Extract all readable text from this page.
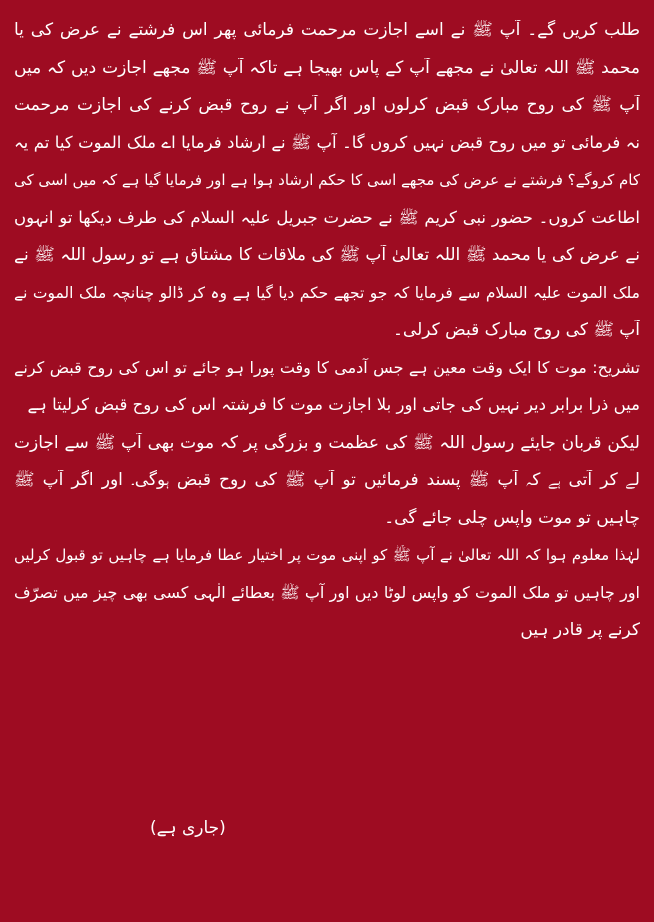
طلب کریں گے۔ آپ ﷺ نے اسے اجازت مرحمت فرمائی پھر اس فرشتے نے عرض کی یا
محمد ﷺ اللہ تعالیٰ نے مجھے آپ کے پاس بھیجا ہے تاکہ آپ ﷺ مجھے اجازت دیں کہ میں
آپ ﷺ کی روح مبارک قبض کرلوں اور اگر آپ نے روح قبض کرنے کی اجازت مرحمت
نہ فرمائی تو میں روح قبض نہیں کروں گا۔ آپ ﷺ نے ارشاد فرمایا اے ملک الموت کیا تم یہ
کام کروگے؟ فرشتے نے عرض کی مجھے اسی کا حکم ارشاد ہوا ہے اور فرمایا گیا ہے کہ میں اسی کی
اطاعت کروں۔ حضور نبی کریم ﷺ نے حضرت جبریل علیہ السلام کی طرف دیکھا تو انہوں
نے عرض کی یا محمد ﷺ اللہ تعالیٰ آپ ﷺ کی ملاقات کا مشتاق ہے تو رسول اللہ ﷺ نے
ملک الموت علیہ السلام سے فرمایا کہ جو تجھے حکم دیا گیا ہے وہ کر ڈالو چنانچہ ملک الموت نے
آپ ﷺ کی روح مبارک قبض کرلی۔
تشریح: موت کا ایک وقت معین ہے جس آدمی کا وقت پورا ہو جائے تو اس کی روح قبض کرنے
میں ذرا برابر دیر نہیں کی جاتی اور بلا اجازت موت کا فرشتہ اس کی روح قبض کرلیتا ہے
لیکن قربان جایئے رسول اللہ ﷺ کی عظمت و بزرگی پر کہ موت بھی آپ ﷺ سے اجازت
لے کر آتی ہے کہ آپ ﷺ پسند فرمائیں تو آپ ﷺ کی روح قبض ہوگی۔ اور اگر آپ ﷺ
چاہیں تو موت واپس چلی جائے گی۔
لہٰذا معلوم ہوا کہ اللہ تعالیٰ نے آپ ﷺ کو اپنی موت پر اختیار عطا فرمایا ہے چاہیں تو قبول کرلیں
اور چاہیں تو ملک الموت کو واپس لوٹا دیں اور آپ ﷺ بعطائے الٰہی کسی بھی چیز میں تصرّف
کرنے پر قادر ہیں
(جاری ہے)
